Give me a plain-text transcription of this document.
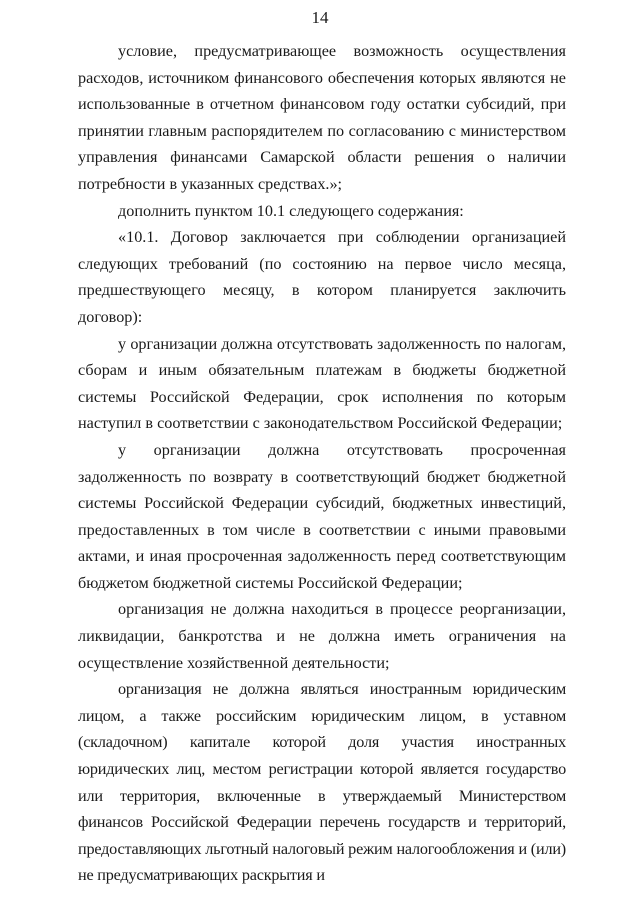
14

условие, предусматривающее возможность осуществления расходов, источником финансового обеспечения которых являются не использованные в отчетном финансовом году остатки субсидий, при принятии главным распорядителем по согласованию с министерством управления финансами Самарской области решения о наличии потребности в указанных средствах.»;

дополнить пунктом 10.1 следующего содержания:

«10.1. Договор заключается при соблюдении организацией следующих требований (по состоянию на первое число месяца, предшествующего месяцу, в котором планируется заключить договор):

у организации должна отсутствовать задолженность по налогам, сборам и иным обязательным платежам в бюджеты бюджетной системы Российской Федерации, срок исполнения по которым наступил в соответствии с законодательством Российской Федерации;

у организации должна отсутствовать просроченная задолженность по возврату в соответствующий бюджет бюджетной системы Российской Федерации субсидий, бюджетных инвестиций, предоставленных в том числе в соответствии с иными правовыми актами, и иная просроченная задолженность перед соответствующим бюджетом бюджетной системы Российской Федерации;

организация не должна находиться в процессе реорганизации, ликвидации, банкротства и не должна иметь ограничения на осуществление хозяйственной деятельности;

организация не должна являться иностранным юридическим лицом, а также российским юридическим лицом, в уставном (складочном) капитале которой доля участия иностранных юридических лиц, местом регистрации которой является государство или территория, включенные в утверждаемый Министерством финансов Российской Федерации перечень государств и территорий, предоставляющих льготный налоговый режим налогообложения и (или) не предусматривающих раскрытия и
